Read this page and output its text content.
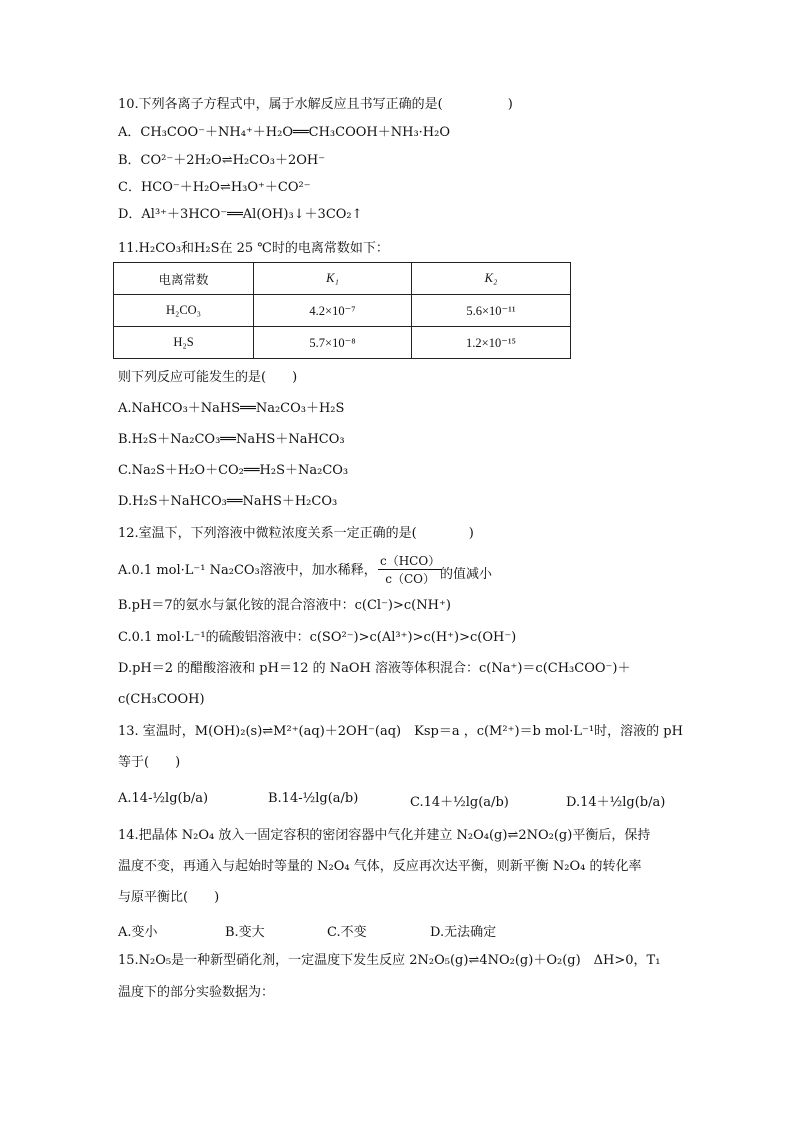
10.下列各离子方程式中，属于水解反应且书写正确的是(　　　　　)
A．CH₃COO⁻＋NH₄⁺＋H₂O══CH₃COOH＋NH₃·H₂O
B．CO²⁻＋2H₂O⇌H₂CO₃＋2OH⁻
C．HCO⁻＋H₂O⇌H₃O⁺＋CO²⁻
D．Al³⁺＋3HCO⁻══Al(OH)₃↓＋3CO₂↑
11.H₂CO₃和H₂S在 25 ℃时的电离常数如下：
电离常数	K₁	K₂
H₂CO₃	4.2×10⁻⁷	5.6×10⁻¹¹
H₂S	5.7×10⁻⁸	1.2×10⁻¹⁵
则下列反应可能发生的是(　　)
A.NaHCO₃＋NaHS══Na₂CO₃＋H₂S
B.H₂S＋Na₂CO₃══NaHS＋NaHCO₃
C.Na₂S＋H₂O＋CO₂══H₂S＋Na₂CO₃
D.H₂S＋NaHCO₃══NaHS＋H₂CO₃
12.室温下，下列溶液中微粒浓度关系一定正确的是(　　　　)
A.0.1 mol·L⁻¹ Na₂CO₃溶液中，加水稀释，
c（HCO）
c（CO） 的值减小
B.pH＝7的氨水与氯化铵的混合溶液中：c(Cl⁻)>c(NH⁺)
C.0.1 mol·L⁻¹的硫酸铝溶液中：c(SO²⁻)>c(Al³⁺)>c(H⁺)>c(OH⁻)
D.pH＝2 的醋酸溶液和 pH＝12 的 NaOH 溶液等体积混合：c(Na⁺)＝c(CH₃COO⁻)＋
c(CH₃COOH)
13. 室温时，M(OH)₂(s)⇌M²⁺(aq)＋2OH⁻(aq)　Ksp＝a ，c(M²⁺)＝b mol·L⁻¹时，溶液的 pH
等于(　　)
A.14-½lg(b/a)	B.14-½lg(a/b)	C.14＋½lg(a/b)	D.14＋½lg(b/a)
14.把晶体 N₂O₄ 放入一固定容积的密闭容器中气化并建立 N₂O₄(g)⇌2NO₂(g)平衡后，保持
温度不变，再通入与起始时等量的 N₂O₄ 气体，反应再次达平衡，则新平衡 N₂O₄ 的转化率
与原平衡比(　　)
A.变小	B.变大	C.不变	D.无法确定
15.N₂O₅是一种新型硝化剂，一定温度下发生反应 2N₂O₅(g)⇌4NO₂(g)＋O₂(g)　ΔH>0，T₁
温度下的部分实验数据为：
